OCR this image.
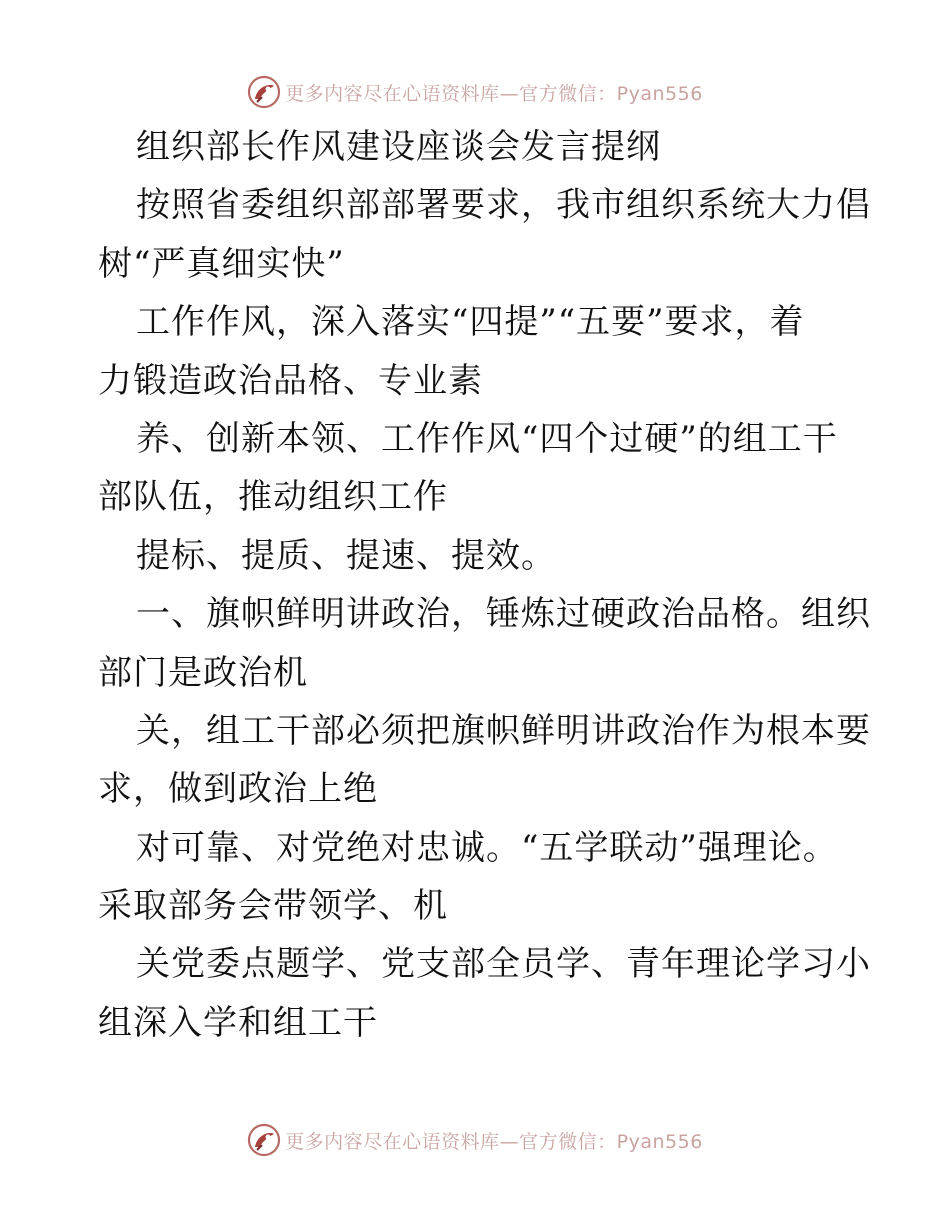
更多内容尽在心语资料库—官方微信：Pyan556
组织部长作风建设座谈会发言提纲
按照省委组织部部署要求，我市组织系统大力倡
树“严真细实快”
工作作风，深入落实“四提”“五要”要求，着
力锻造政治品格、专业素
养、创新本领、工作作风“四个过硬”的组工干
部队伍，推动组织工作
提标、提质、提速、提效。
一、旗帜鲜明讲政治，锤炼过硬政治品格。组织
部门是政治机
关，组工干部必须把旗帜鲜明讲政治作为根本要
求，做到政治上绝
对可靠、对党绝对忠诚。“五学联动”强理论。
采取部务会带领学、机
关党委点题学、党支部全员学、青年理论学习小
组深入学和组工干
更多内容尽在心语资料库—官方微信：Pyan556
